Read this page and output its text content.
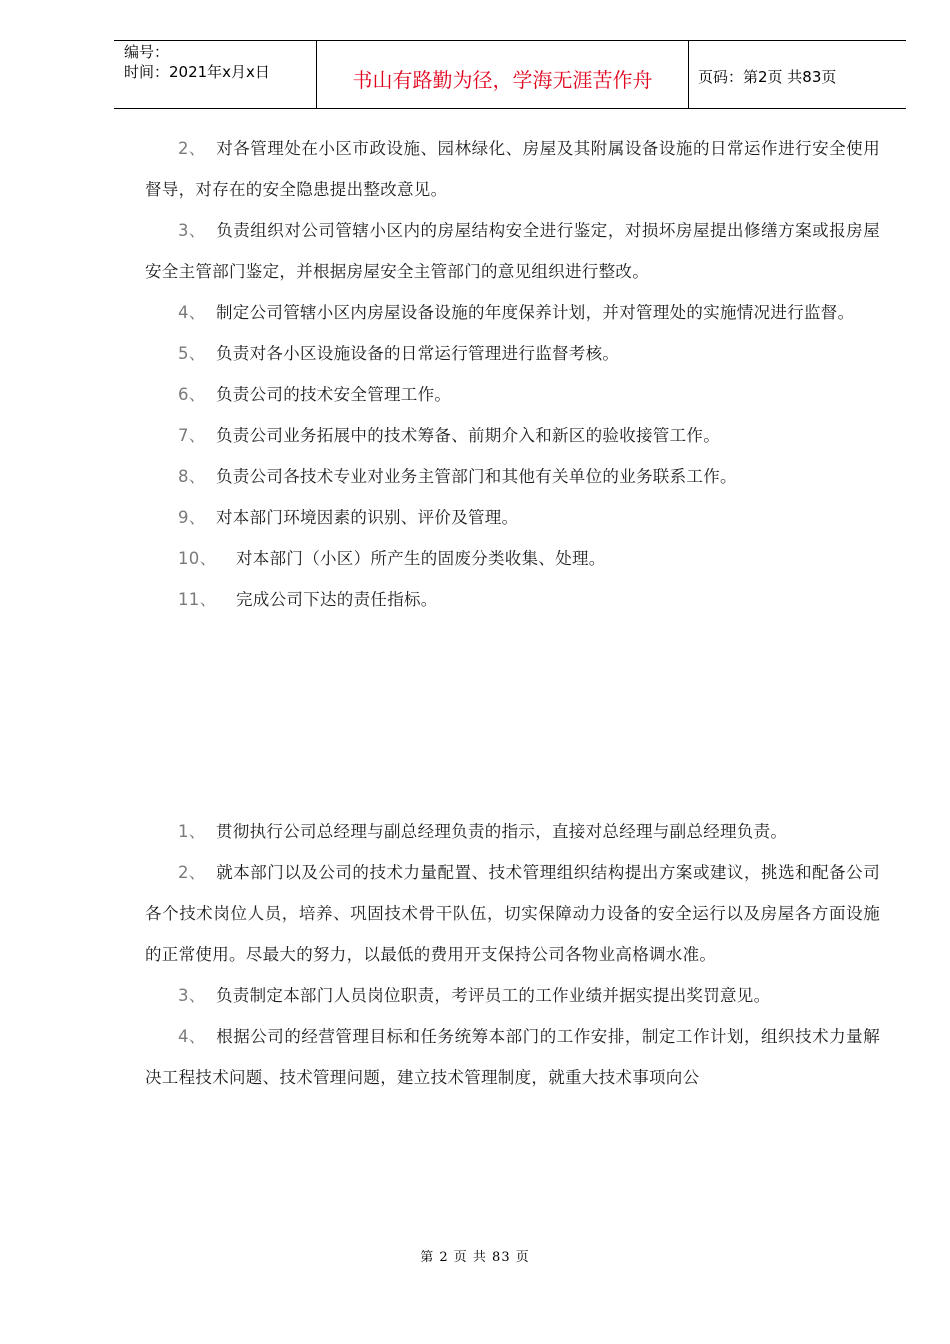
编号：
时间：2021年x月x日	书山有路勤为径，学海无涯苦作舟	页码：第2页 共83页
2、 对各管理处在小区市政设施、园林绿化、房屋及其附属设备设施的日常运作进行安全使用督导，对存在的安全隐患提出整改意见。
3、 负责组织对公司管辖小区内的房屋结构安全进行鉴定，对损坏房屋提出修缮方案或报房屋安全主管部门鉴定，并根据房屋安全主管部门的意见组织进行整改。
4、 制定公司管辖小区内房屋设备设施的年度保养计划，并对管理处的实施情况进行监督。
5、 负责对各小区设施设备的日常运行管理进行监督考核。
6、 负责公司的技术安全管理工作。
7、 负责公司业务拓展中的技术筹备、前期介入和新区的验收接管工作。
8、 负责公司各技术专业对业务主管部门和其他有关单位的业务联系工作。
9、 对本部门环境因素的识别、评价及管理。
10、 对本部门（小区）所产生的固废分类收集、处理。
11、 完成公司下达的责任指标。
1、 贯彻执行公司总经理与副总经理负责的指示，直接对总经理与副总经理负责。
2、 就本部门以及公司的技术力量配置、技术管理组织结构提出方案或建议，挑选和配备公司各个技术岗位人员，培养、巩固技术骨干队伍，切实保障动力设备的安全运行以及房屋各方面设施的正常使用。尽最大的努力，以最低的费用开支保持公司各物业高格调水准。
3、 负责制定本部门人员岗位职责，考评员工的工作业绩并据实提出奖罚意见。
4、 根据公司的经营管理目标和任务统筹本部门的工作安排，制定工作计划，组织技术力量解决工程技术问题、技术管理问题，建立技术管理制度，就重大技术事项向公
第 2 页 共 83 页
